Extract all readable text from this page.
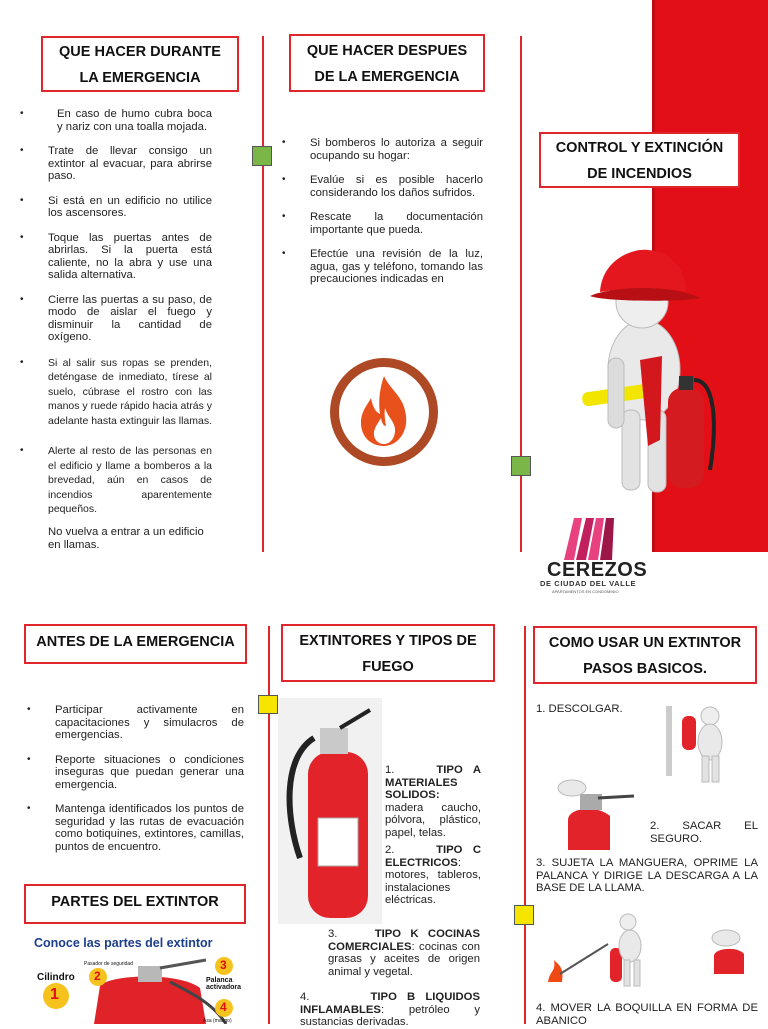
QUE HACER DURANTE
LA EMERGENCIA
• En caso de humo cubra boca y nariz con una toalla mojada.
• Trate de llevar consigo un extintor al evacuar, para abrirse paso.
• Si está en un edificio no utilice los ascensores.
• Toque las puertas antes de abrirlas. Si la puerta está caliente, no la abra y use una salida alternativa.
• Cierre las puertas a su paso, de modo de aislar el fuego y disminuir la cantidad de oxígeno.
• Si al salir sus ropas se prenden, deténgase de inmediato, tírese al suelo, cúbrase el rostro con las manos y ruede rápido hacia atrás y adelante hasta extinguir las llamas.
• Alerte al resto de las personas en el edificio y llame a bomberos a la brevedad, aún en casos de incendios aparentemente pequeños.
No vuelva a entrar a un edificio en llamas.
QUE HACER DESPUES
DE LA EMERGENCIA
• Si bomberos lo autoriza a seguir ocupando su hogar:
• Evalúe si es posible hacerlo considerando los daños sufridos.
• Rescate la documentación importante que pueda.
• Efectúe una revisión de la luz, agua, gas y teléfono, tomando las precauciones indicadas en
CONTROL Y EXTINCIÓN
DE INCENDIOS
CEREZOS
DE CIUDAD DEL VALLE
APARTAMENTOS EN CONDOMINIO
ANTES DE LA EMERGENCIA
• Participar activamente en capacitaciones y simulacros de emergencias.
• Reporte situaciones o condiciones inseguras que puedan generar una emergencia.
• Mantenga identificados los puntos de seguridad y las rutas de evacuación como botiquines, extintores, camillas, puntos de encuentro.
PARTES DEL EXTINTOR
Conoce las partes del extintor
Cilindro
Pasador de seguridad
Palanca activadora
Asa (mango)
1
2
3
4
EXTINTORES Y TIPOS DE
FUEGO
1.	TIPO A MATERIALES SOLIDOS: madera caucho, pólvora, plástico, papel, telas.
2.	TIPO C ELECTRICOS: motores, tableros, instalaciones eléctricas.
3.	TIPO K COCINAS COMERCIALES: cocinas con grasas y aceites de origen animal y vegetal.
4.	TIPO B LIQUIDOS INFLAMABLES: petróleo y sustancias derivadas.
COMO USAR UN EXTINTOR
PASOS BASICOS.
1. DESCOLGAR.
2. SACAR EL SEGURO.
3. SUJETA LA MANGUERA, OPRIME LA PALANCA Y DIRIGE LA DESCARGA A LA BASE DE LA LLAMA.
4. MOVER LA BOQUILLA EN FORMA DE ABANICO
